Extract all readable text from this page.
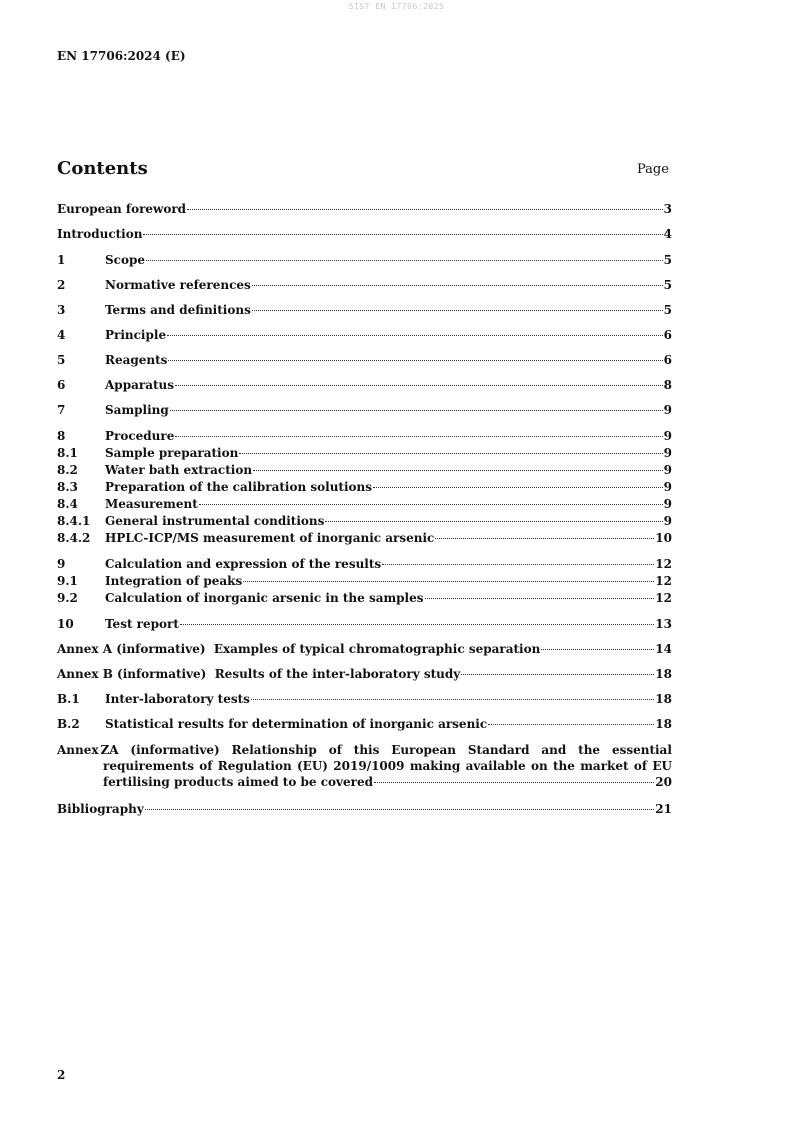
SIST EN 17706:2025
EN 17706:2024 (E)
Contents	Page
European foreword	3
Introduction	4
1	Scope	5
2	Normative references	5
3	Terms and definitions	5
4	Principle	6
5	Reagents	6
6	Apparatus	8
7	Sampling	9
8	Procedure	9
8.1	Sample preparation	9
8.2	Water bath extraction	9
8.3	Preparation of the calibration solutions	9
8.4	Measurement	9
8.4.1	General instrumental conditions	9
8.4.2	HPLC-ICP/MS measurement of inorganic arsenic	10
9	Calculation and expression of the results	12
9.1	Integration of peaks	12
9.2	Calculation of inorganic arsenic in the samples	12
10	Test report	13
Annex A (informative)  Examples of typical chromatographic separation	14
Annex B (informative)  Results of the inter-laboratory study	18
B.1	Inter-laboratory tests	18
B.2	Statistical results for determination of inorganic arsenic	18
Annex ZA (informative) Relationship of this European Standard and the essential
requirements of Regulation (EU) 2019/1009 making available on the market of EU
fertilising products aimed to be covered	20
Bibliography	21
2
